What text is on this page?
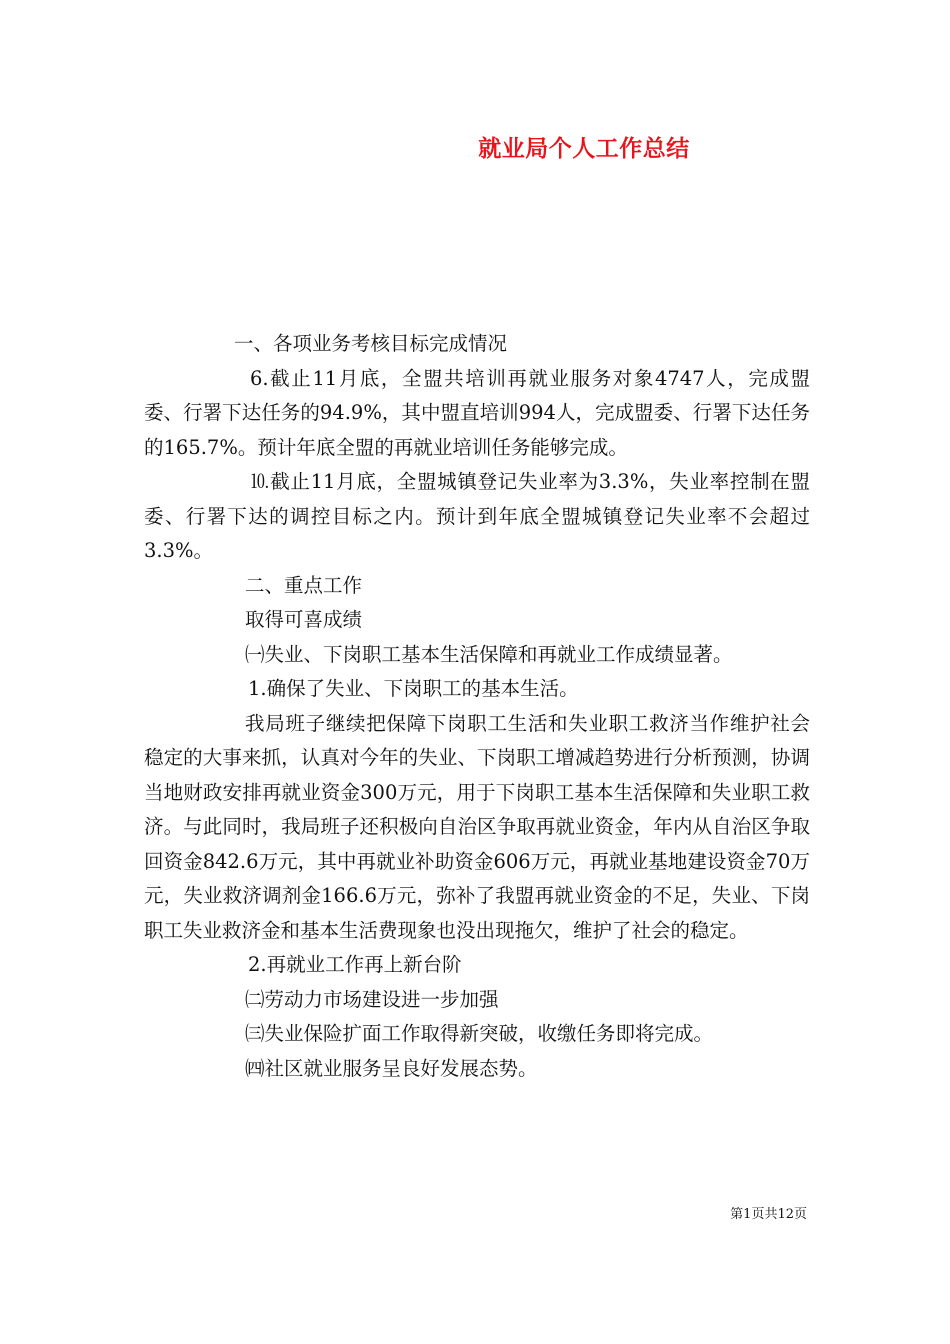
就业局个人工作总结

一、各项业务考核目标完成情况

6.截止11月底，全盟共培训再就业服务对象4747人，完成盟委、行署下达任务的94.9%，其中盟直培训994人，完成盟委、行署下达任务的165.7%。预计年底全盟的再就业培训任务能够完成。

⒑截止11月底，全盟城镇登记失业率为3.3%，失业率控制在盟委、行署下达的调控目标之内。预计到年底全盟城镇登记失业率不会超过3.3%。

二、重点工作

取得可喜成绩

㈠失业、下岗职工基本生活保障和再就业工作成绩显著。

1.确保了失业、下岗职工的基本生活。

我局班子继续把保障下岗职工生活和失业职工救济当作维护社会稳定的大事来抓，认真对今年的失业、下岗职工增减趋势进行分析预测，协调当地财政安排再就业资金300万元，用于下岗职工基本生活保障和失业职工救济。与此同时，我局班子还积极向自治区争取再就业资金，年内从自治区争取回资金842.6万元，其中再就业补助资金606万元，再就业基地建设资金70万元，失业救济调剂金166.6万元，弥补了我盟再就业资金的不足，失业、下岗职工失业救济金和基本生活费现象也没出现拖欠，维护了社会的稳定。

2.再就业工作再上新台阶

㈡劳动力市场建设进一步加强

㈢失业保险扩面工作取得新突破，收缴任务即将完成。

㈣社区就业服务呈良好发展态势。

第1页共12页
